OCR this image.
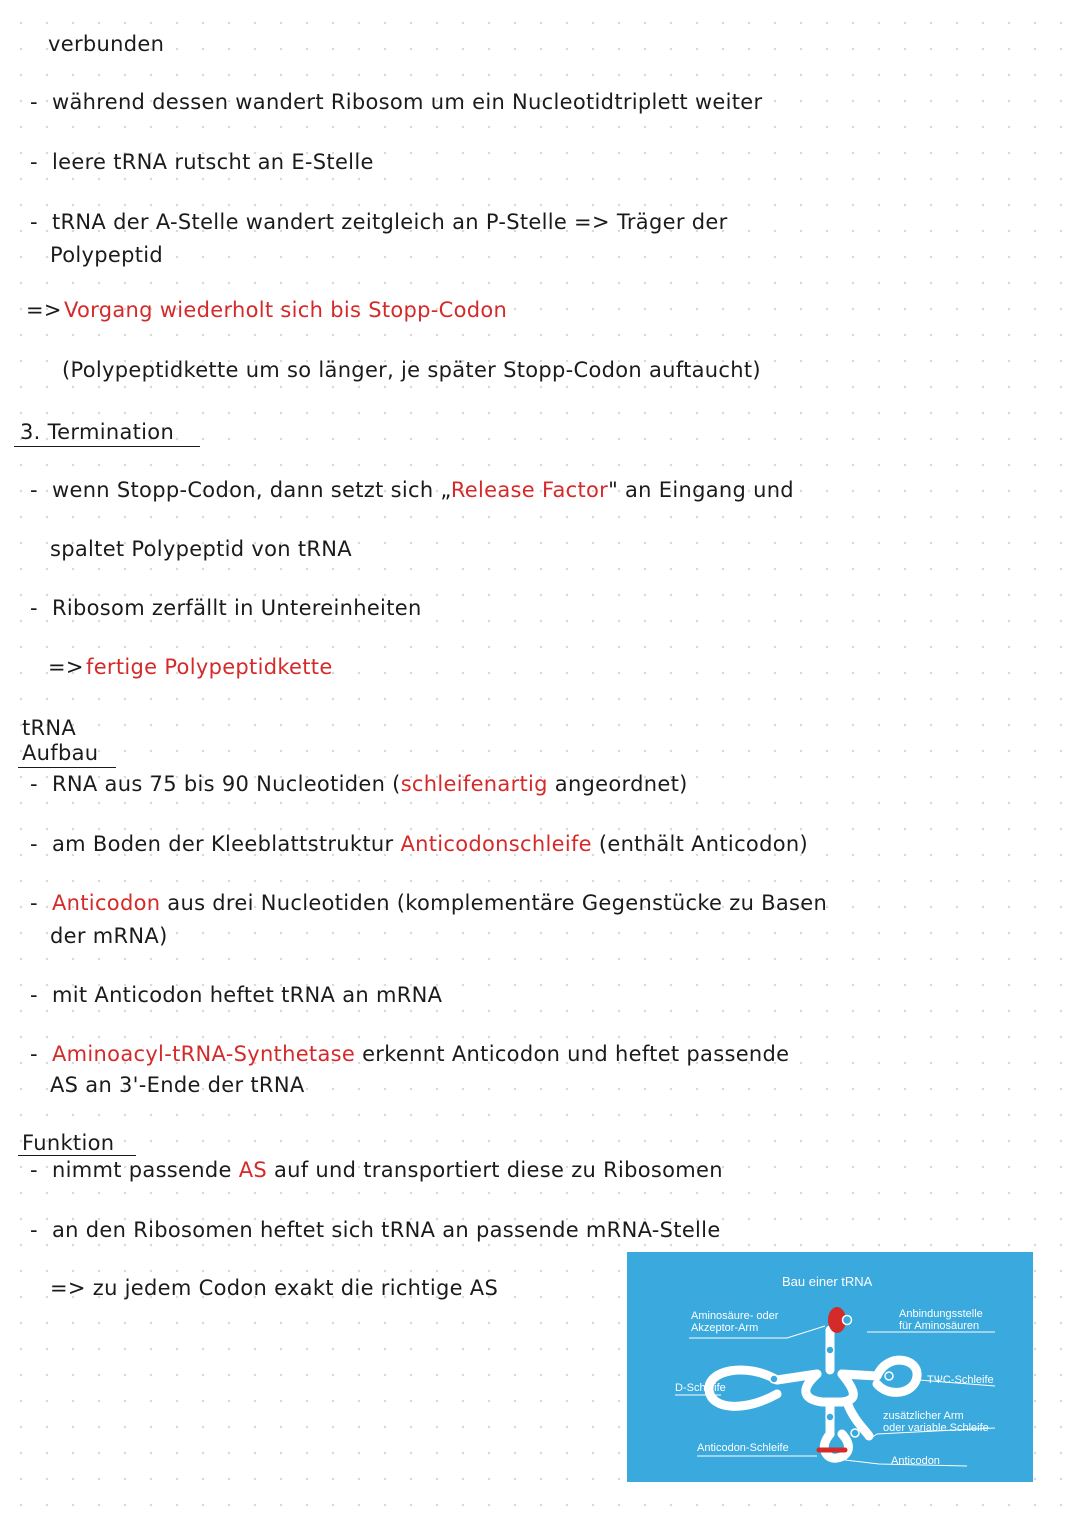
verbunden
- während dessen wandert Ribosom um ein Nucleotidtriplett weiter
- leere tRNA rutscht an E-Stelle
- tRNA der A-Stelle wandert zeitgleich an P-Stelle => Träger der
Polypeptid
=> Vorgang wiederholt sich bis Stopp-Codon
(Polypeptidkette um so länger, je später Stopp-Codon auftaucht)
3. Termination
- wenn Stopp-Codon, dann setzt sich „Release Factor" an Eingang und
spaltet Polypeptid von tRNA
- Ribosom zerfällt in Untereinheiten
=> fertige Polypeptidkette
tRNA
Aufbau
- RNA aus 75 bis 90 Nucleotiden (schleifenartig angeordnet)
- am Boden der Kleeblattstruktur Anticodonschleife (enthält Anticodon)
- Anticodon aus drei Nucleotiden (komplementäre Gegenstücke zu Basen
der mRNA)
- mit Anticodon heftet tRNA an mRNA
- Aminoacyl-tRNA-Synthetase erkennt Anticodon und heftet passende
AS an 3'-Ende der tRNA
Funktion
- nimmt passende AS auf und transportiert diese zu Ribosomen
- an den Ribosomen heftet sich tRNA an passende mRNA-Stelle
=> zu jedem Codon exakt die richtige AS	Bau einer tRNA
Aminosäure- oder
Akzeptor-Arm
Anbindungsstelle
für Aminosäuren
D-Schleife
TΨC-Schleife
zusätzlicher Arm
oder variable Schleife
Anticodon-Schleife
Anticodon
